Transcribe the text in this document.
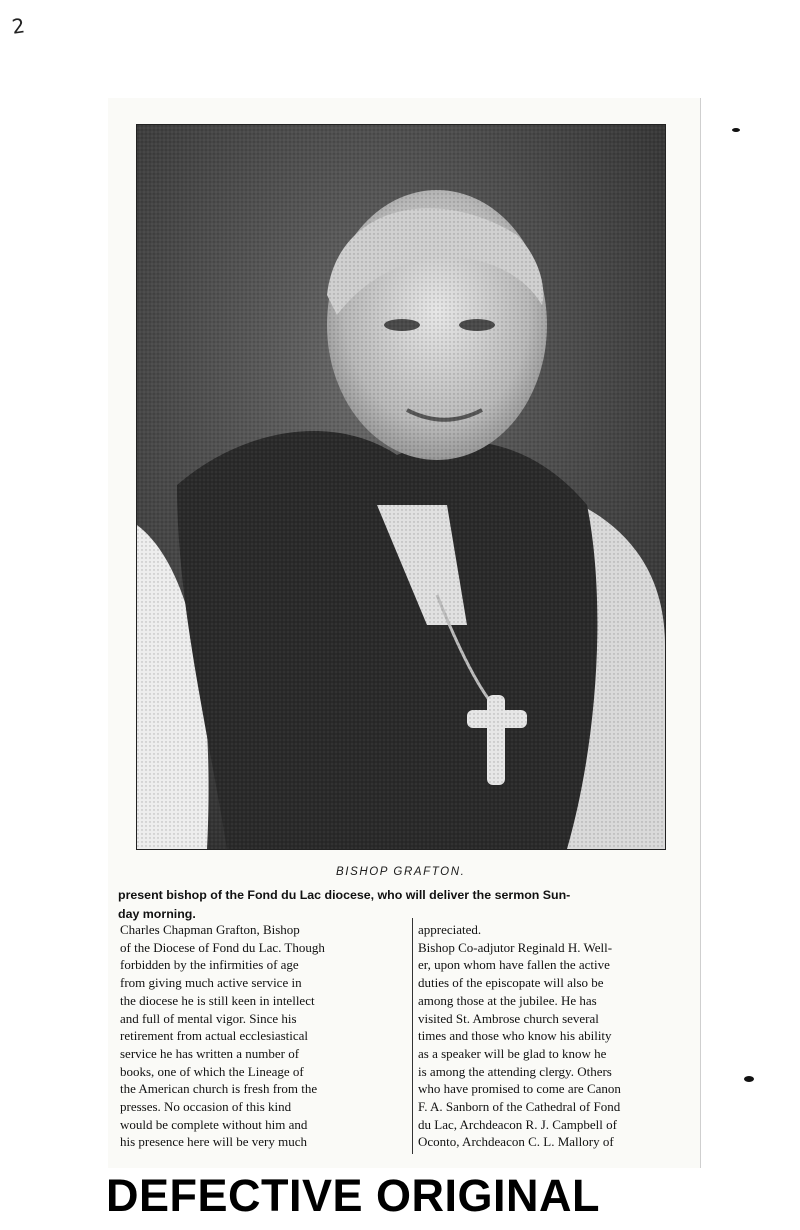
2
BISHOP GRAFTON.
present bishop of the Fond du Lac diocese, who will deliver the sermon Sun-
day morning.
Charles Chapman Grafton, Bishop
of the Diocese of Fond du Lac. Though
forbidden by the infirmities of age
from giving much active service in
the diocese he is still keen in intellect
and full of mental vigor. Since his
retirement from actual ecclesiastical
service he has written a number of
books, one of which the Lineage of
the American church is fresh from the
presses. No occasion of this kind
would be complete without him and
his presence here will be very much
appreciated.
Bishop Co-adjutor Reginald H. Well-
er, upon whom have fallen the active
duties of the episcopate will also be
among those at the jubilee. He has
visited St. Ambrose church several
times and those who know his ability
as a speaker will be glad to know he
is among the attending clergy. Others
who have promised to come are Canon
F. A. Sanborn of the Cathedral of Fond
du Lac, Archdeacon R. J. Campbell of
Oconto, Archdeacon C. L. Mallory of
DEFECTIVE ORIGINAL
